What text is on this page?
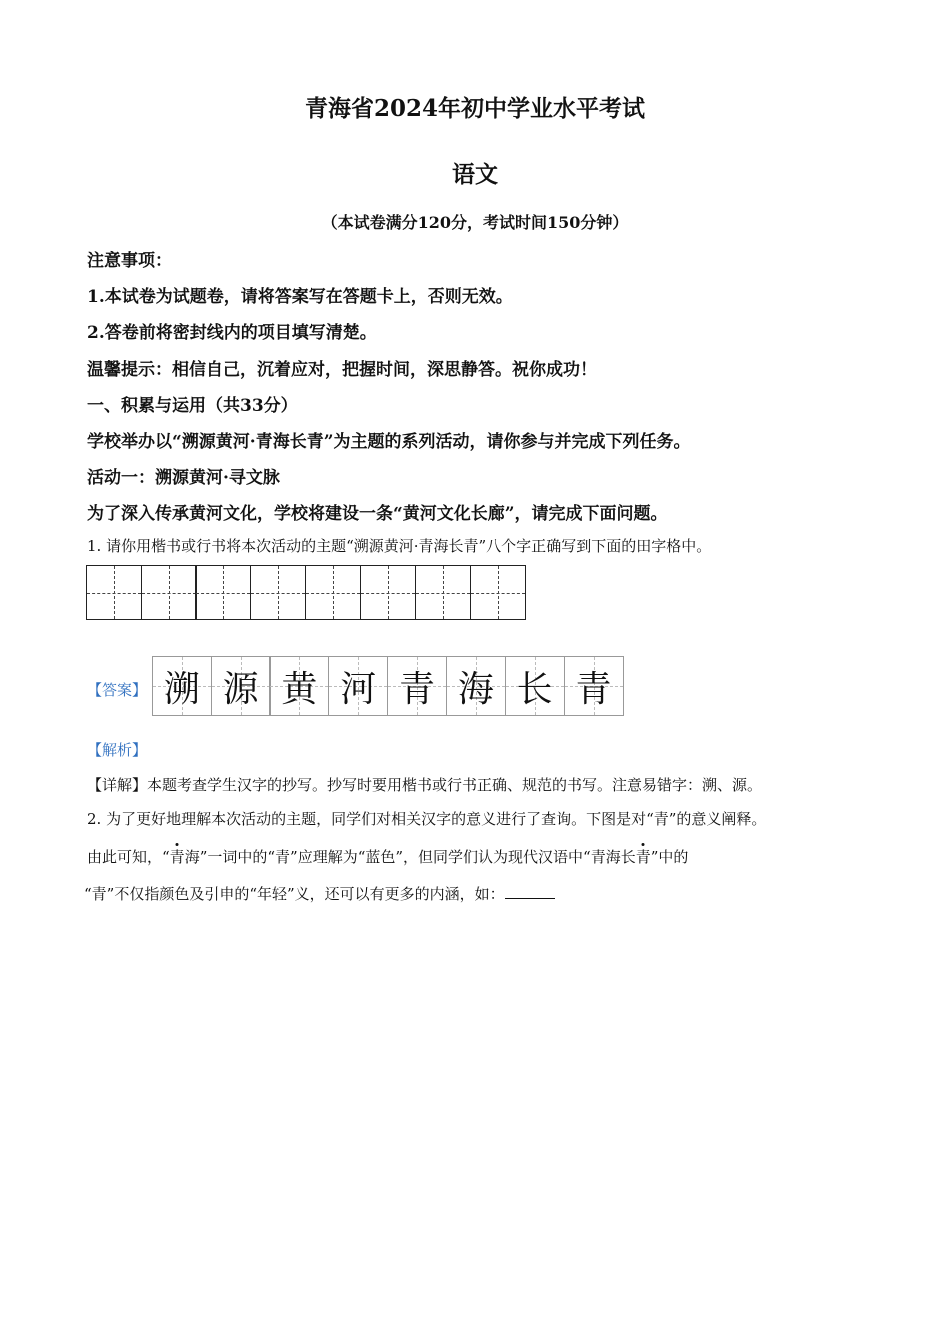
青海省2024年初中学业水平考试
语文
（本试卷满分120分，考试时间150分钟）
注意事项：
1.本试卷为试题卷，请将答案写在答题卡上，否则无效。
2.答卷前将密封线内的项目填写清楚。
温馨提示：相信自己，沉着应对，把握时间，深思静答。祝你成功！
一、积累与运用（共33分）
学校举办以“溯源黄河·青海长青”为主题的系列活动，请你参与并完成下列任务。
活动一：溯源黄河·寻文脉
为了深入传承黄河文化，学校将建设一条“黄河文化长廊”，请完成下面问题。
1. 请你用楷书或行书将本次活动的主题“溯源黄河·青海长青”八个字正确写到下面的田字格中。
【答案】 溯 源 黄 河 青 海 长 青
【解析】
【详解】本题考查学生汉字的抄写。抄写时要用楷书或行书正确、规范的书写。注意易错字：溯、源。
2. 为了更好地理解本次活动的主题，同学们对相关汉字的意义进行了查询。下图是对“青”的意义阐释。
由此可知，“青海”一词中的“青”应理解为“蓝色”，但同学们认为现代汉语中“青海长青”中的
“青”不仅指颜色及引申的“年轻”义，还可以有更多的内涵，如：
